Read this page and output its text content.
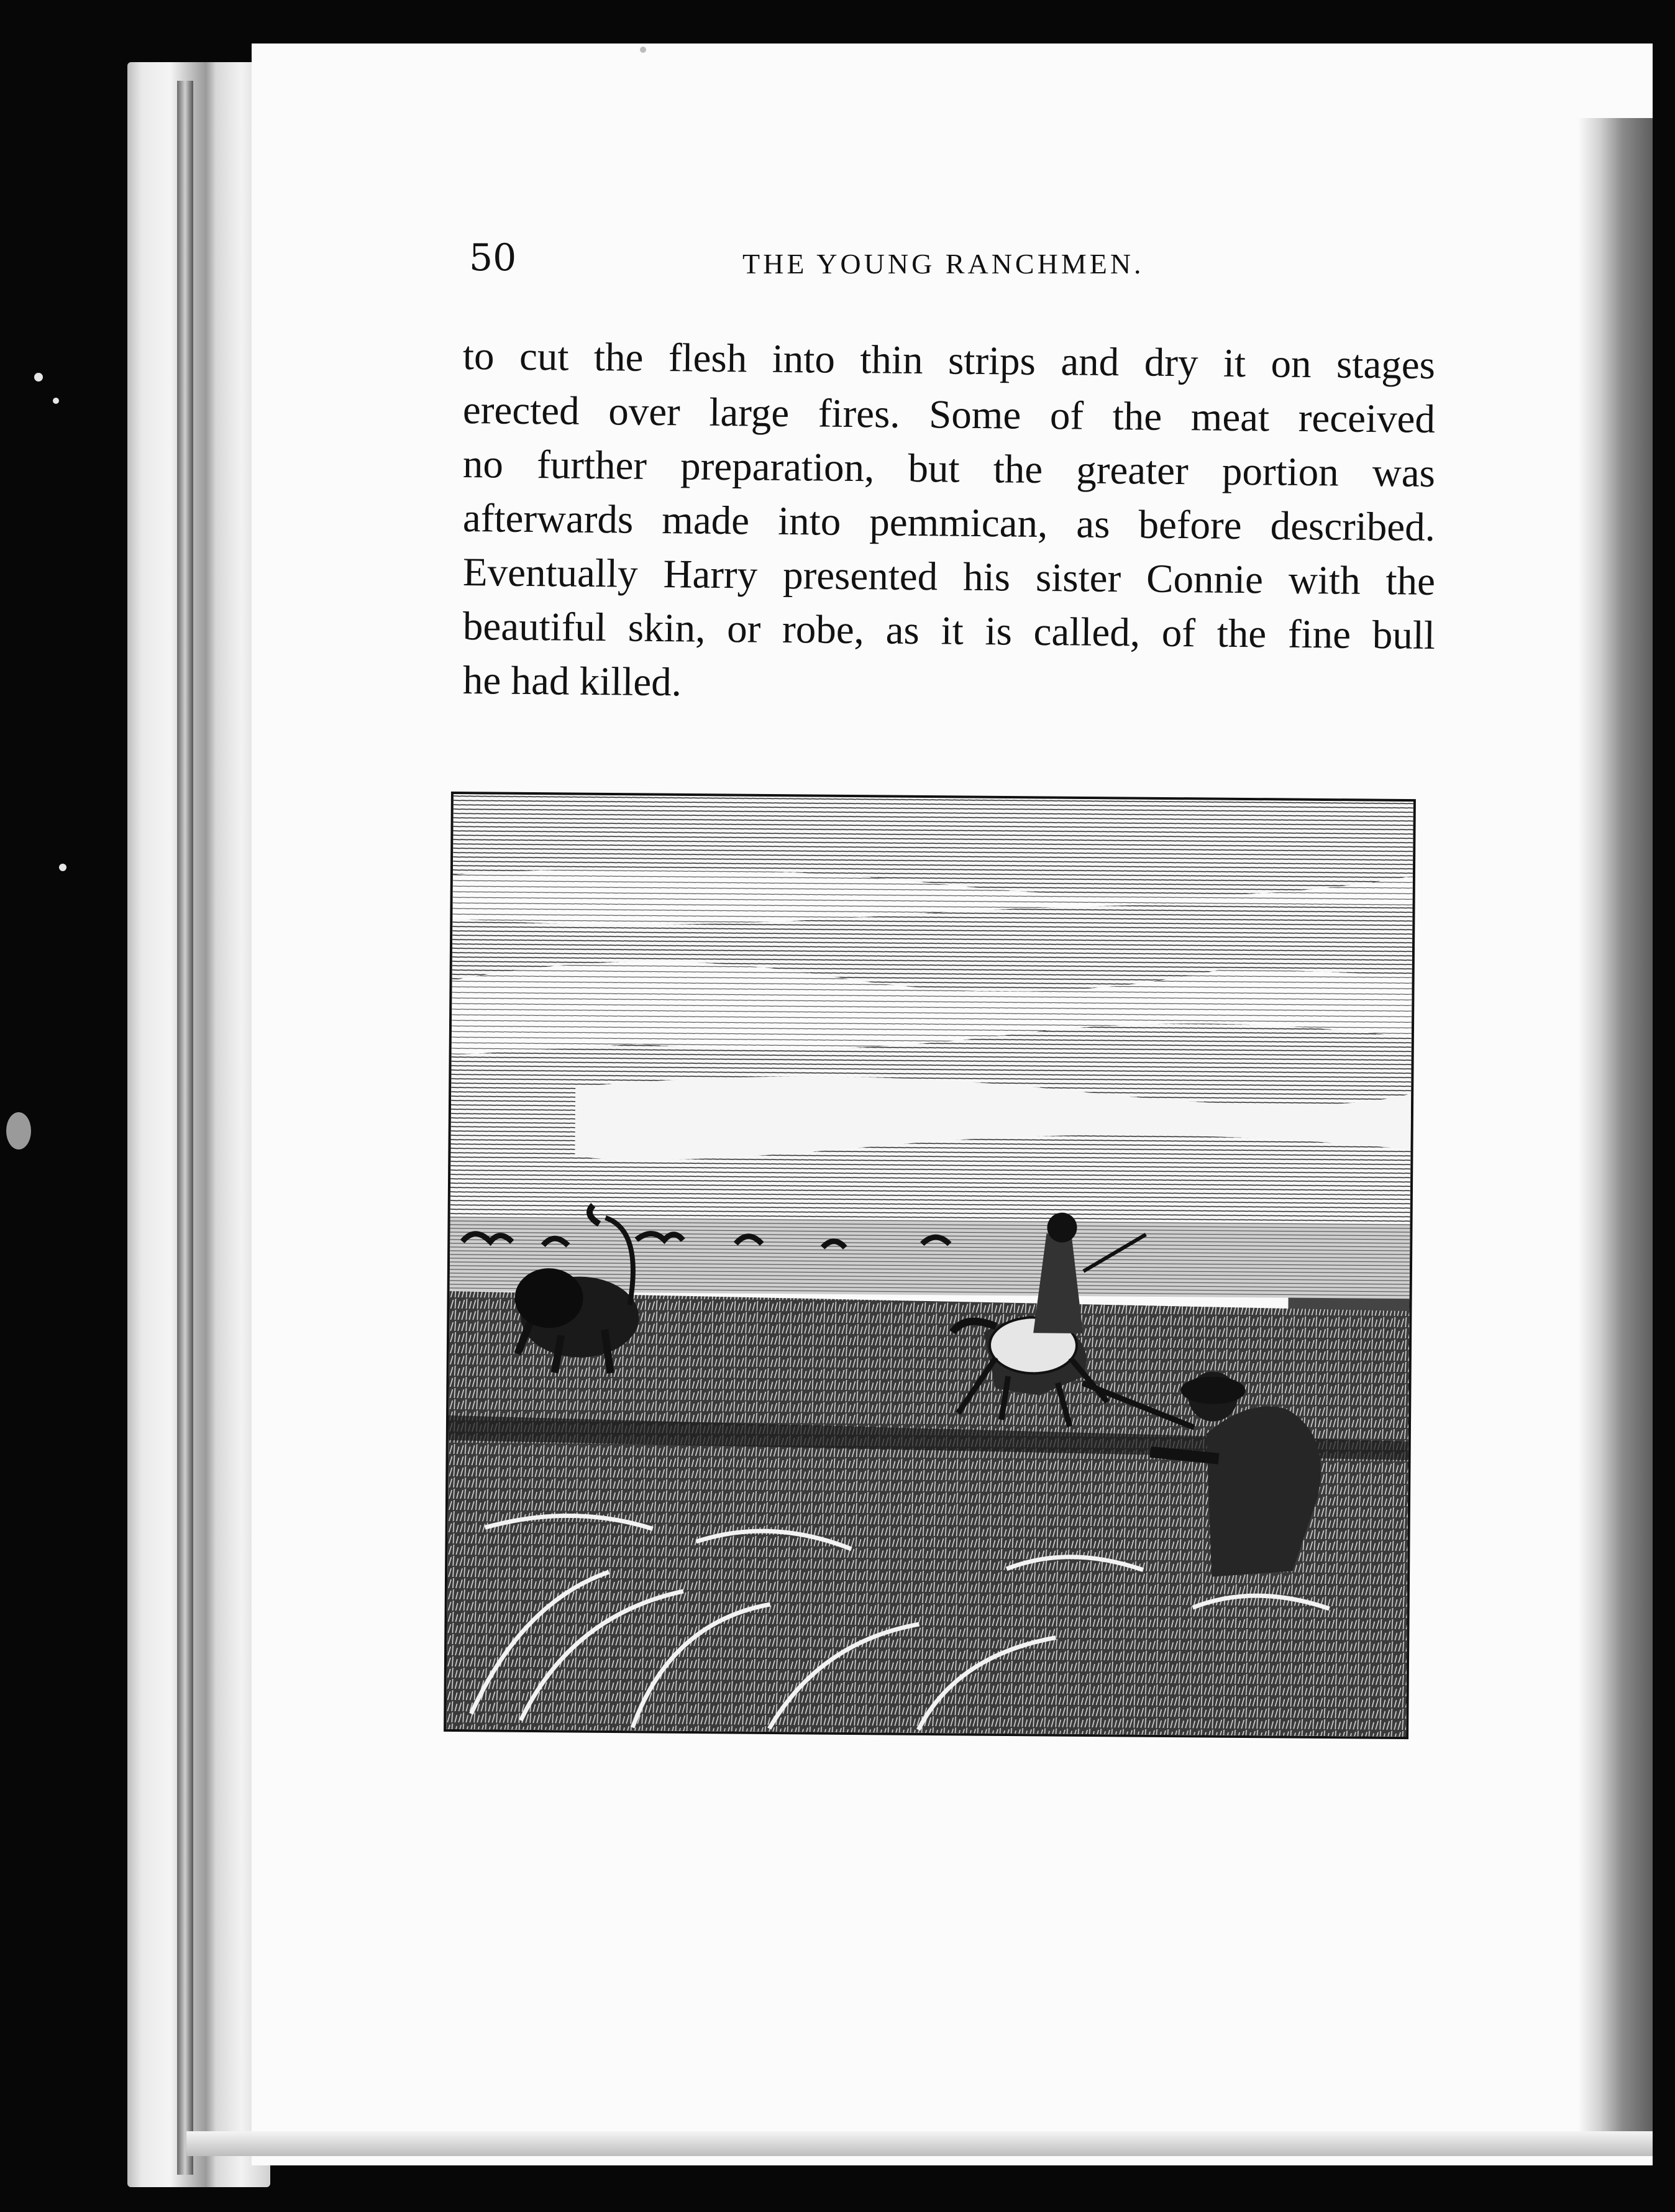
50	THE YOUNG RANCHMEN.
to cut the flesh into thin strips and dry it on stages
erected over large fires. Some of the meat received
no further preparation, but the greater portion was
afterwards made into pemmican, as before described.
Eventually Harry presented his sister Connie with the
beautiful skin, or robe, as it is called, of the fine bull
he had killed.
